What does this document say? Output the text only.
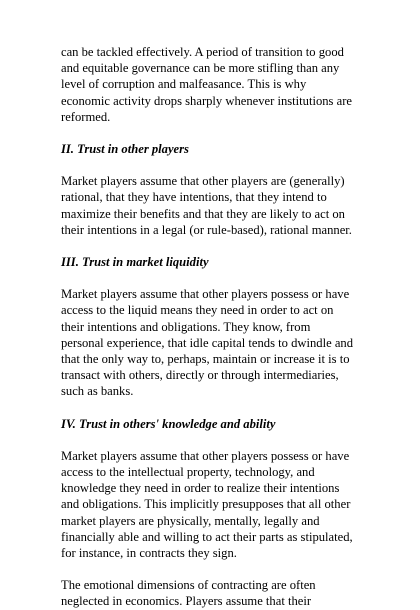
can be tackled effectively. A period of transition to good
and equitable governance can be more stifling than any
level of corruption and malfeasance. This is why
economic activity drops sharply whenever institutions are
reformed.

II. Trust in other players

Market players assume that other players are (generally)
rational, that they have intentions, that they intend to
maximize their benefits and that they are likely to act on
their intentions in a legal (or rule-based), rational manner.

III. Trust in market liquidity

Market players assume that other players possess or have
access to the liquid means they need in order to act on
their intentions and obligations. They know, from
personal experience, that idle capital tends to dwindle and
that the only way to, perhaps, maintain or increase it is to
transact with others, directly or through intermediaries,
such as banks.

IV. Trust in others' knowledge and ability

Market players assume that other players possess or have
access to the intellectual property, technology, and
knowledge they need in order to realize their intentions
and obligations. This implicitly presupposes that all other
market players are physically, mentally, legally and
financially able and willing to act their parts as stipulated,
for instance, in contracts they sign.

The emotional dimensions of contracting are often
neglected in economics. Players assume that their
